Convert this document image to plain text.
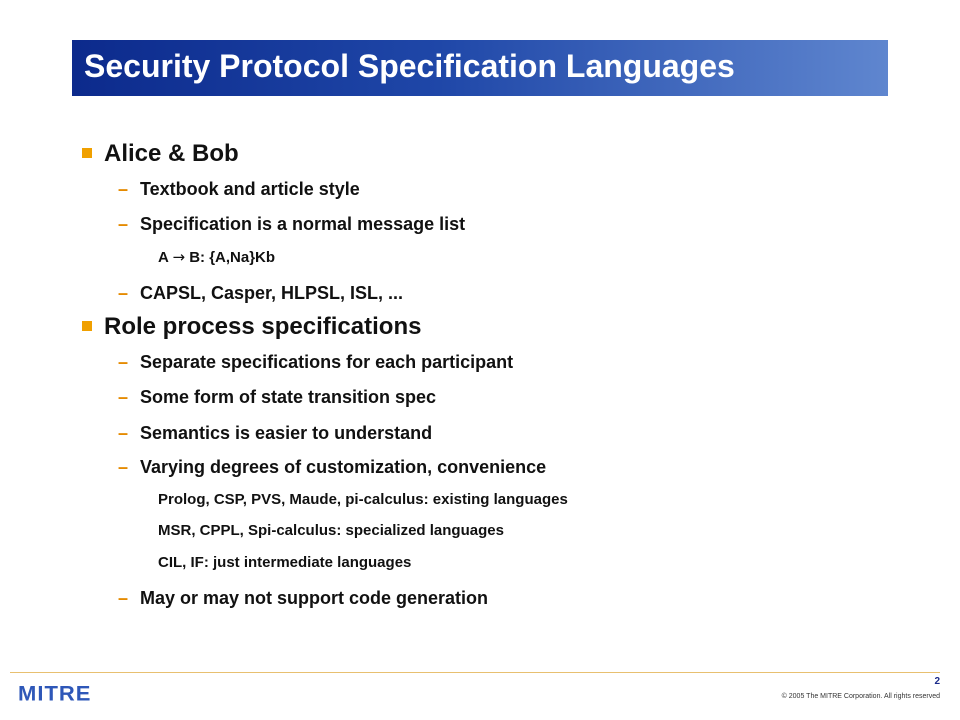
Security Protocol Specification Languages
Alice & Bob
– Textbook and article style
– Specification is a normal message list
A → B: {A,Na}Kb
– CAPSL, Casper, HLPSL, ISL, ...
Role process specifications
– Separate specifications for each participant
– Some form of state transition spec
– Semantics is easier to understand
– Varying degrees of customization, convenience
Prolog, CSP, PVS, Maude, pi-calculus: existing languages
MSR, CPPL, Spi-calculus: specialized languages
CIL, IF: just intermediate languages
– May or may not support code generation
2
© 2005 The MITRE Corporation. All rights reserved
MITRE
